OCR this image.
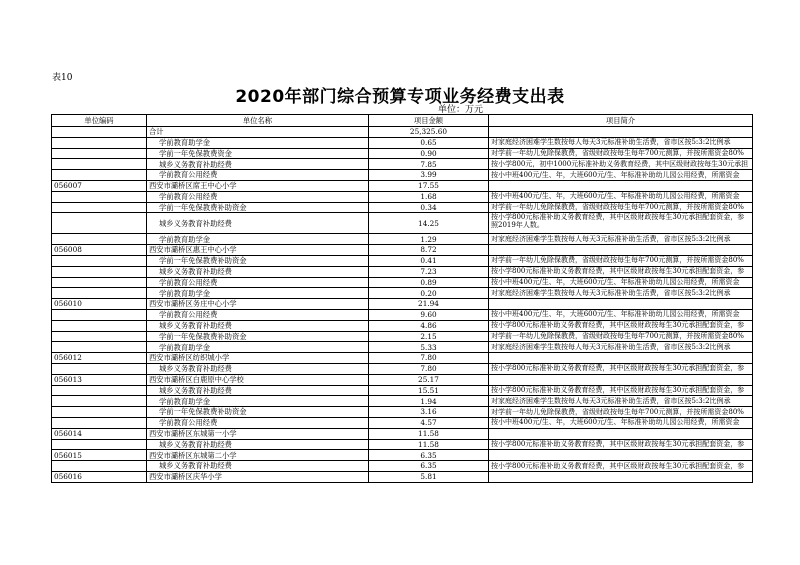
表10
2020年部门综合预算专项业务经费支出表
单位：万元
单位编码	单位名称	项目金额	项目简介
	合计	25,325.60	
	学前教育助学金	0.65	对家庭经济困难学生数按每人每天3元标准补助生活费，省市区按5:3:2比例承
	学前一年免保教费资金	0.90	对学前一年幼儿免除保教费，省级财政按每生每年700元测算，并按所需资金80%
	城乡义务教育补助经费	7.85	按小学800元，初中1000元标准补助义务教育经费，其中区级财政按每生30元承担
	学前教育公用经费	3.99	按小中班400元/生、年，大班600元/生、年标准补助幼儿园公用经费，所需资金
056007	西安市灞桥区席王中心小学	17.55	
	学前教育公用经费	1.68	按小中班400元/生、年，大班600元/生、年标准补助幼儿园公用经费，所需资金
	学前一年免保教费补助资金	0.34	对学前一年幼儿免除保教费，省级财政按每生每年700元测算，并按所需资金80%
	城乡义务教育补助经费	14.25	按小学800元标准补助义务教育经费，其中区级财政按每生30元承担配套资金，参照2019年人数。
	学前教育助学金	1.29	对家庭经济困难学生数按每人每天3元标准补助生活费，省市区按5:3:2比例承
056008	西安市灞桥区惠王中心小学	8.72	
	学前一年免保教费补助资金	0.41	对学前一年幼儿免除保教费，省级财政按每生每年700元测算，并按所需资金80%
	城乡义务教育补助经费	7.23	按小学800元标准补助义务教育经费，其中区级财政按每生30元承担配套资金，参
	学前教育公用经费	0.89	按小中班400元/生、年，大班600元/生、年标准补助幼儿园公用经费，所需资金
	学前教育助学金	0.20	对家庭经济困难学生数按每人每天3元标准补助生活费，省市区按5:3:2比例承
056010	西安市灞桥区务庄中心小学	21.94	
	学前教育公用经费	9.60	按小中班400元/生、年，大班600元/生、年标准补助幼儿园公用经费，所需资金
	城乡义务教育补助经费	4.86	按小学800元标准补助义务教育经费，其中区级财政按每生30元承担配套资金，参
	学前一年免保教费补助资金	2.15	对学前一年幼儿免除保教费，省级财政按每生每年700元测算，并按所需资金80%
	学前教育助学金	5.33	对家庭经济困难学生数按每人每天3元标准补助生活费，省市区按5:3:2比例承
056012	西安市灞桥区纺织城小学	7.80	
	城乡义务教育补助经费	7.80	按小学800元标准补助义务教育经费，其中区级财政按每生30元承担配套资金，参
056013	西安市灞桥区白鹿原中心学校	25.17	
	城乡义务教育补助经费	15.51	按小学800元标准补助义务教育经费，其中区级财政按每生30元承担配套资金，参
	学前教育助学金	1.94	对家庭经济困难学生数按每人每天3元标准补助生活费，省市区按5:3:2比例承
	学前一年免保教费补助资金	3.16	对学前一年幼儿免除保教费，省级财政按每生每年700元测算，并按所需资金80%
	学前教育公用经费	4.57	按小中班400元/生、年，大班600元/生、年标准补助幼儿园公用经费，所需资金
056014	西安市灞桥区东城第一小学	11.58	
	城乡义务教育补助经费	11.58	按小学800元标准补助义务教育经费，其中区级财政按每生30元承担配套资金，参
056015	西安市灞桥区东城第二小学	6.35	
	城乡义务教育补助经费	6.35	按小学800元标准补助义务教育经费，其中区级财政按每生30元承担配套资金，参
056016	西安市灞桥区庆华小学	5.81	
